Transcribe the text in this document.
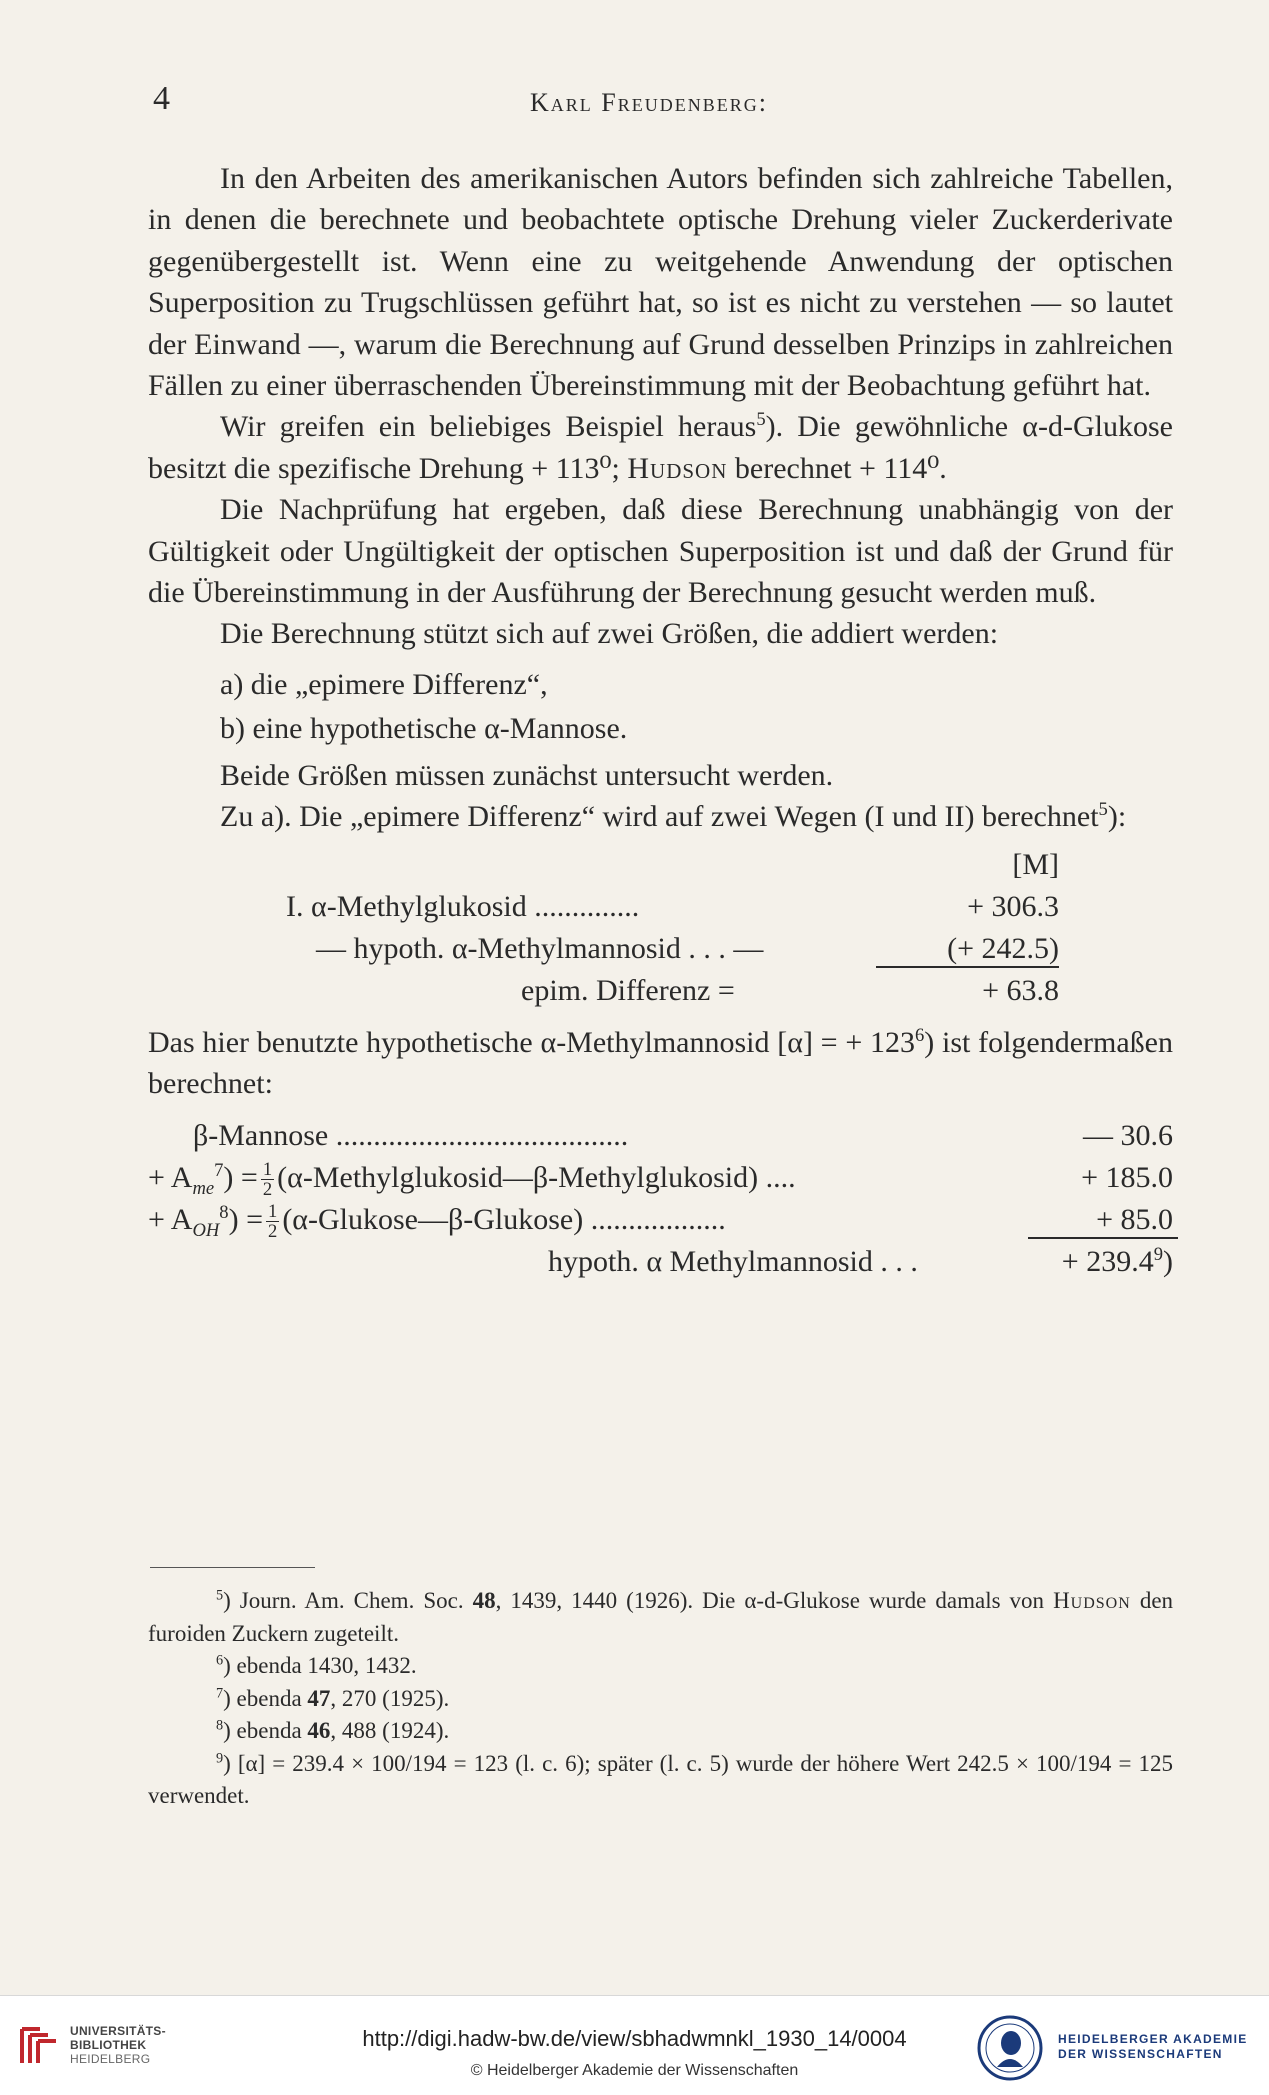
4	Karl Freudenberg:

In den Arbeiten des amerikanischen Autors befinden sich zahlreiche Tabellen, in denen die berechnete und beobachtete optische Drehung vieler Zuckerderivate gegenübergestellt ist. Wenn eine zu weitgehende Anwendung der optischen Superposition zu Trugschlüssen geführt hat, so ist es nicht zu verstehen — so lautet der Einwand —, warum die Berechnung auf Grund desselben Prinzips in zahlreichen Fällen zu einer überraschenden Übereinstimmung mit der Beobachtung geführt hat.

Wir greifen ein beliebiges Beispiel heraus$^5$). Die gewöhnliche α-d-Glukose besitzt die spezifische Drehung + 113⁰; Hudson berechnet + 114⁰.

Die Nachprüfung hat ergeben, daß diese Berechnung unabhängig von der Gültigkeit oder Ungültigkeit der optischen Superposition ist und daß der Grund für die Übereinstimmung in der Ausführung der Berechnung gesucht werden muß.

Die Berechnung stützt sich auf zwei Größen, die addiert werden:

a) die „epimere Differenz“,
b) eine hypothetische α-Mannose.

Beide Größen müssen zunächst untersucht werden.

Zu a). Die „epimere Differenz“ wird auf zwei Wegen (I und II) berechnet$^5$):

[M]
I. α-Methylglukosid ..............	+ 306.3
— hypoth. α-Methylmannosid . . . —	(+ 242.5)
epim. Differenz =	+ 63.8

Das hier benutzte hypothetische α-Methylmannosid [α] = + $123^6$) ist folgendermaßen berechnet:

β-Mannose .......................................	— 30.6
+ $A_{me}^7) = \frac{1}{2}$ (α-Methylglukosid—β-Methylglukosid) ....	+ 185.0
+ $A_{OH}^8) = \frac{1}{2}$ (α-Glukose—β-Glukose) ..................	+ 85.0
hypoth. α Methylmannosid . . .	+ $239.4^9$)

$^5$) Journ. Am. Chem. Soc. 48, 1439, 1440 (1926). Die α-d-Glukose wurde damals von Hudson den furoiden Zuckern zugeteilt.

$^6$) ebenda 1430, 1432.

$^7$) ebenda 47, 270 (1925).

$^8$) ebenda 46, 488 (1924).

$^9$) [α] = 239.4 × 100/194 = 123 (l. c. 6); später (l. c. 5) wurde der höhere Wert 242.5 × 100/194 = 125 verwendet.

UNIVERSITÄTS-
BIBLIOTHEK
HEIDELBERG
http://digi.hadw-bw.de/view/sbhadwmnkl_1930_14/0004
© Heidelberger Akademie der Wissenschaften
HEIDELBERGER AKADEMIE
DER WISSENSCHAFTEN
